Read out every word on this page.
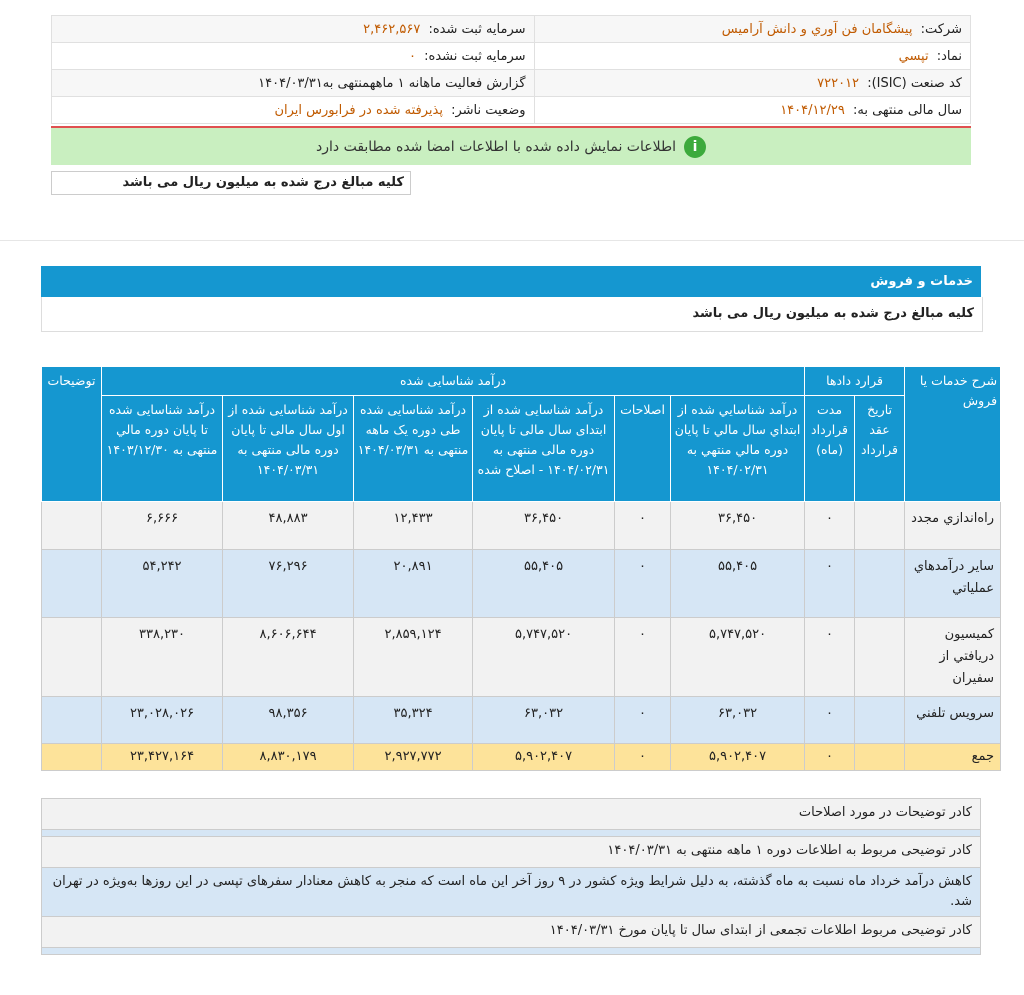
شرکت: پیشگامان فن آوري و دانش آرامیس	سرمایه ثبت شده: ۲,۴۶۲,۵۶۷
نماد: تپسي	سرمایه ثبت نشده: ۰
کد صنعت (ISIC): ۷۲۲۰۱۲	گزارش فعالیت ماهانه ۱ ماههمنتهی به۱۴۰۴/۰۳/۳۱
سال مالی منتهی به: ۱۴۰۴/۱۲/۲۹	وضعیت ناشر: پذیرفته شده در فرابورس ایران
i
اطلاعات نمایش داده شده با اطلاعات امضا شده مطابقت دارد
کلیه مبالغ درج شده به میلیون ریال می باشد
خدمات و فروش
کلیه مبالغ درج شده به میلیون ریال می باشد
شرح خدمات یا فروش	قرارد دادها		درآمد شناسایی شده						توضیحات
	تاریخ عقد قرارداد	مدت قرارداد (ماه)	درآمد شناسايي شده از ابتداي سال مالي تا پايان دوره مالي منتهي به ۱۴۰۴/۰۲/۳۱	اصلاحات	درآمد شناسایی شده از ابتدای سال مالی تا پایان دوره مالی منتهی به ۱۴۰۴/۰۲/۳۱ - اصلاح شده	درآمد شناسایی شده طی دوره یک ماهه منتهی به ۱۴۰۴/۰۳/۳۱	درآمد شناسایی شده از اول سال مالی تا پایان دوره مالی منتهی به ۱۴۰۴/۰۳/۳۱	درآمد شناسایی شده تا پایان دوره مالي منتهی به ۱۴۰۳/۱۲/۳۰	
راه‌اندازي مجدد		۰	۳۶,۴۵۰	۰	۳۶,۴۵۰	۱۲,۴۳۳	۴۸,۸۸۳	۶,۶۶۶	
ساير درآمدهاي عملياتي		۰	۵۵,۴۰۵	۰	۵۵,۴۰۵	۲۰,۸۹۱	۷۶,۲۹۶	۵۴,۲۴۲	
کمیسیون دریافتي از سفیران		۰	۵,۷۴۷,۵۲۰	۰	۵,۷۴۷,۵۲۰	۲,۸۵۹,۱۲۴	۸,۶۰۶,۶۴۴	۳۳۸,۲۳۰	
سرویس تلفني		۰	۶۳,۰۳۲	۰	۶۳,۰۳۲	۳۵,۳۲۴	۹۸,۳۵۶	۲۳,۰۲۸,۰۲۶	
جمع		۰	۵,۹۰۲,۴۰۷	۰	۵,۹۰۲,۴۰۷	۲,۹۲۷,۷۷۲	۸,۸۳۰,۱۷۹	۲۳,۴۲۷,۱۶۴	
کادر توضیحات در مورد اصلاحات
کادر توضیحی مربوط به اطلاعات دوره ۱ ماهه منتهی به ۱۴۰۴/۰۳/۳۱
کاهش درآمد خرداد ماه نسبت به ماه گذشته، به دلیل شرایط ویژه کشور در ۹ روز آخر این ماه است که منجر به کاهش معنادار سفرهای تپسی در این روزها به‌ویژه در تهران شد.
کادر توضیحی مربوط اطلاعات تجمعی از ابتدای سال تا پایان مورخ ۱۴۰۴/۰۳/۳۱
